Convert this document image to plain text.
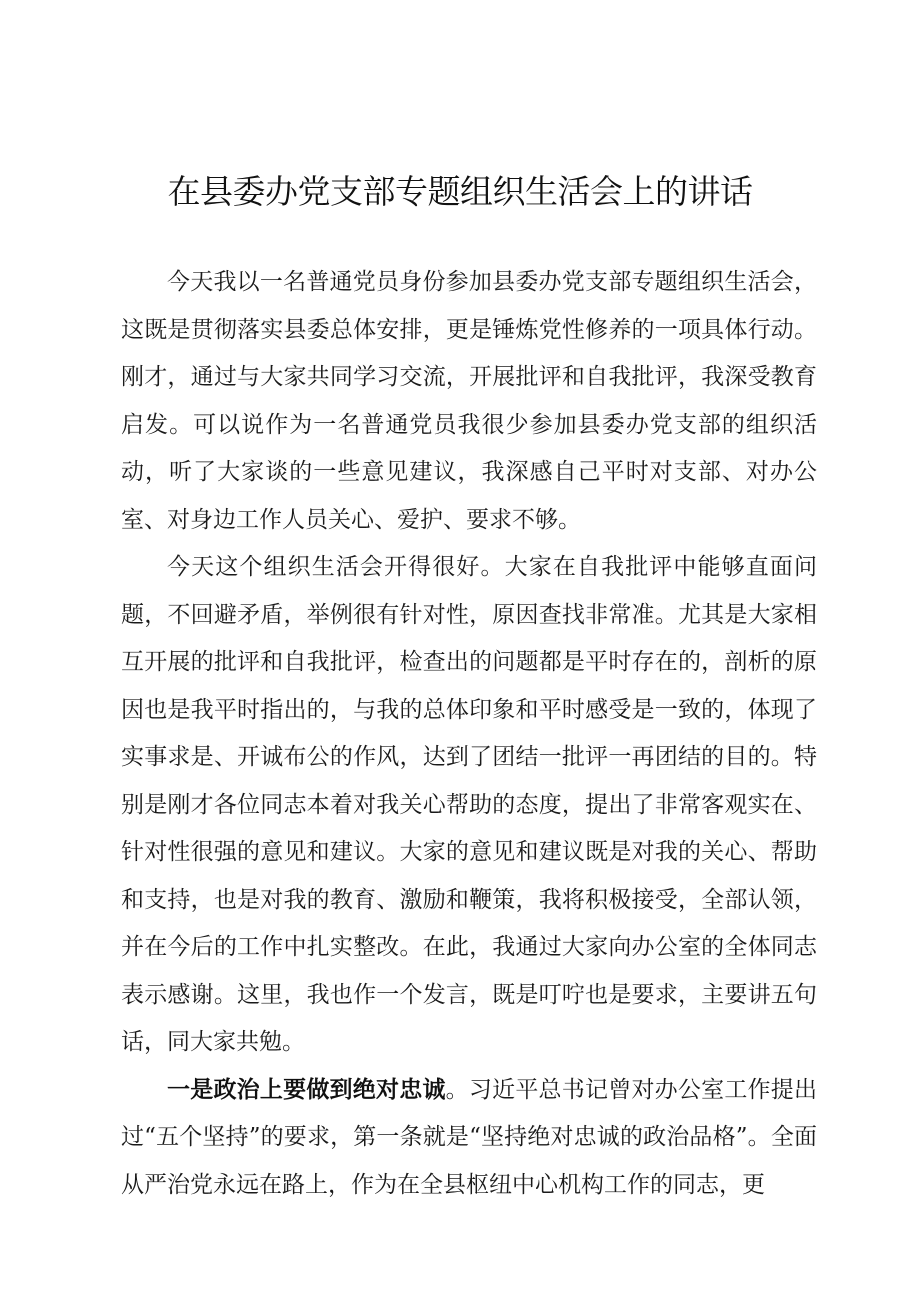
在县委办党支部专题组织生活会上的讲话

今天我以一名普通党员身份参加县委办党支部专题组织生活会，这既是贯彻落实县委总体安排，更是锤炼党性修养的一项具体行动。刚才，通过与大家共同学习交流，开展批评和自我批评，我深受教育启发。可以说作为一名普通党员我很少参加县委办党支部的组织活动，听了大家谈的一些意见建议，我深感自己平时对支部、对办公室、对身边工作人员关心、爱护、要求不够。

今天这个组织生活会开得很好。大家在自我批评中能够直面问题，不回避矛盾，举例很有针对性，原因查找非常准。尤其是大家相互开展的批评和自我批评，检查出的问题都是平时存在的，剖析的原因也是我平时指出的，与我的总体印象和平时感受是一致的，体现了实事求是、开诚布公的作风，达到了团结一批评一再团结的目的。特别是刚才各位同志本着对我关心帮助的态度，提出了非常客观实在、针对性很强的意见和建议。大家的意见和建议既是对我的关心、帮助和支持，也是对我的教育、激励和鞭策，我将积极接受，全部认领，并在今后的工作中扎实整改。在此，我通过大家向办公室的全体同志表示感谢。这里，我也作一个发言，既是叮咛也是要求，主要讲五句话，同大家共勉。

一是政治上要做到绝对忠诚。习近平总书记曾对办公室工作提出过“五个坚持”的要求，第一条就是“坚持绝对忠诚的政治品格”。全面从严治党永远在路上，作为在全县枢纽中心机构工作的同志，更
